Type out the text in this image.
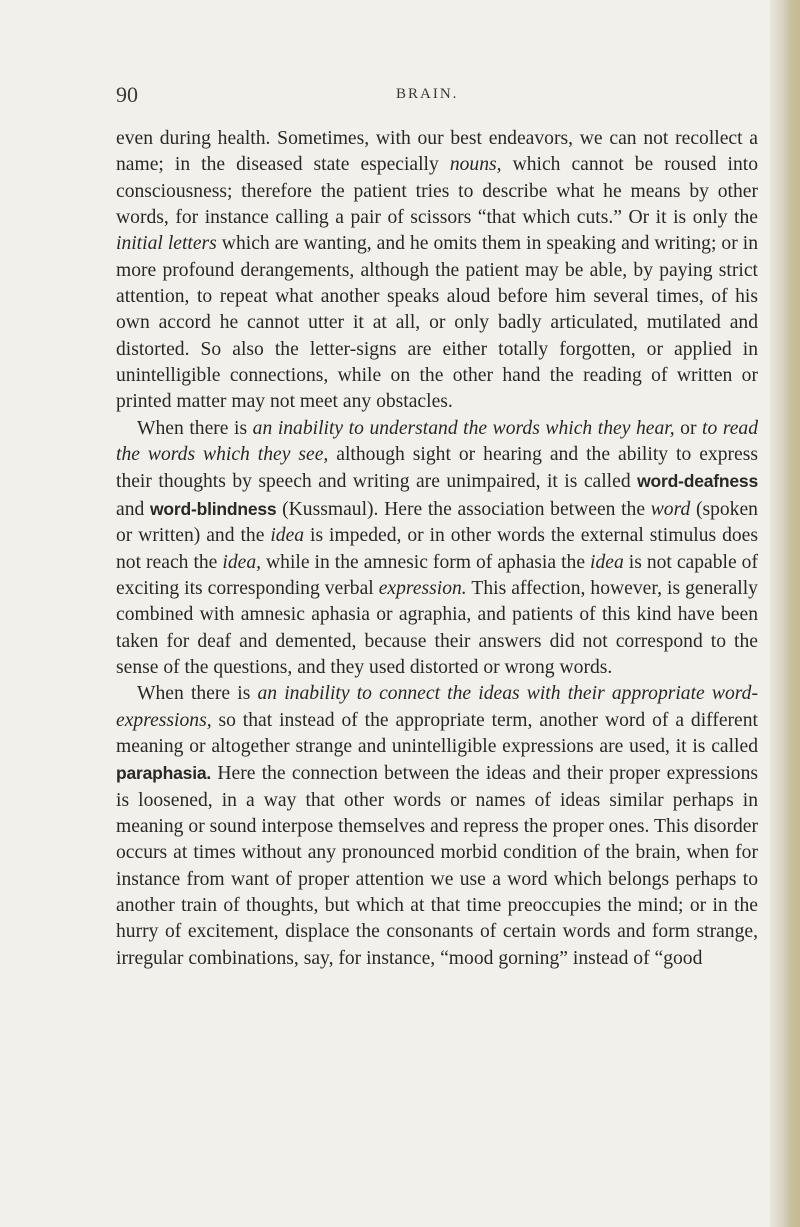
90	BRAIN.

even during health. Sometimes, with our best endeavors, we can not recollect a name; in the diseased state especially nouns, which cannot be roused into consciousness; therefore the patient tries to describe what he means by other words, for instance calling a pair of scissors “that which cuts.” Or it is only the initial letters which are wanting, and he omits them in speaking and writing; or in more profound derangements, although the patient may be able, by paying strict attention, to repeat what another speaks aloud before him several times, of his own accord he cannot utter it at all, or only badly articulated, mutilated and distorted. So also the letter-signs are either totally forgotten, or applied in unintelligible connections, while on the other hand the reading of written or printed matter may not meet any obstacles.

When there is an inability to understand the words which they hear, or to read the words which they see, although sight or hearing and the ability to express their thoughts by speech and writing are unimpaired, it is called word-deafness and word-blindness (Kussmaul). Here the association between the word (spoken or written) and the idea is impeded, or in other words the external stimulus does not reach the idea, while in the amnesic form of aphasia the idea is not capable of exciting its corresponding verbal expression. This affection, however, is generally combined with amnesic aphasia or agraphia, and patients of this kind have been taken for deaf and demented, because their answers did not correspond to the sense of the questions, and they used distorted or wrong words.

When there is an inability to connect the ideas with their appropriate word-expressions, so that instead of the appropriate term, another word of a different meaning or altogether strange and unintelligible expressions are used, it is called paraphasia. Here the connection between the ideas and their proper expressions is loosened, in a way that other words or names of ideas similar perhaps in meaning or sound interpose themselves and repress the proper ones. This disorder occurs at times without any pronounced morbid condition of the brain, when for instance from want of proper attention we use a word which belongs perhaps to another train of thoughts, but which at that time preoccupies the mind; or in the hurry of excitement, displace the consonants of certain words and form strange, irregular combinations, say, for instance, “mood gorning” instead of “good
